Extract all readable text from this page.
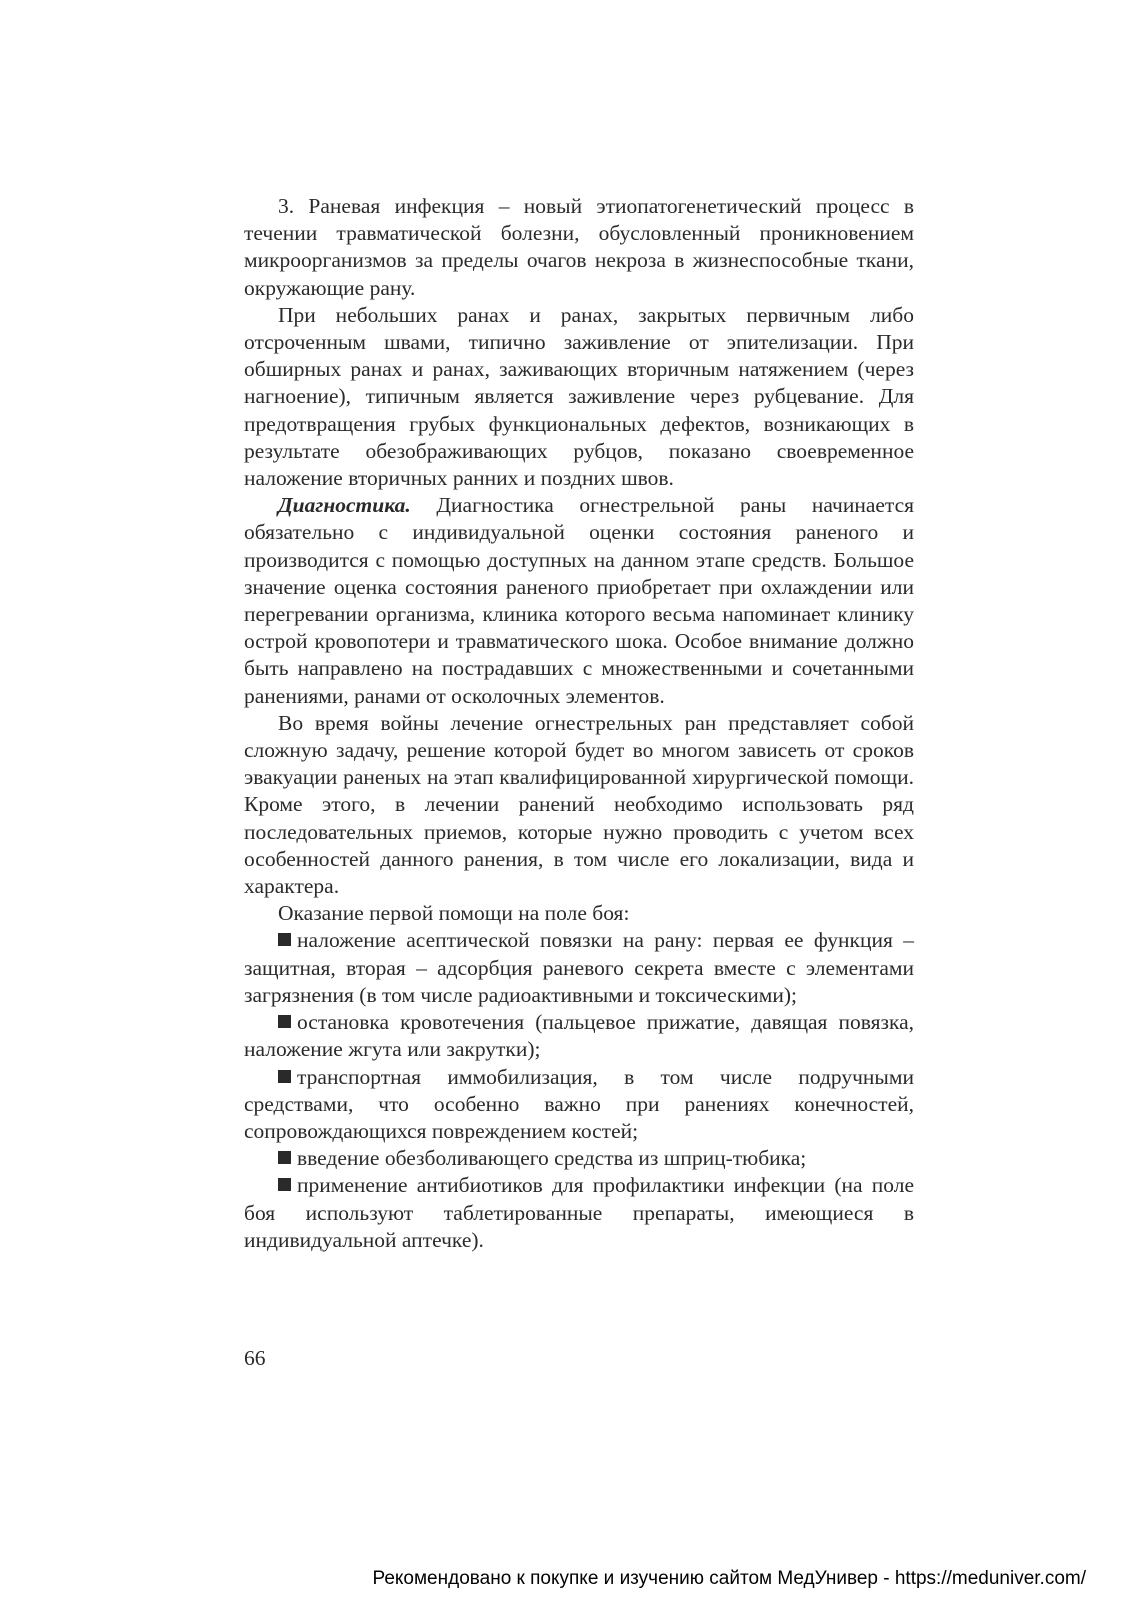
3. Раневая инфекция – новый этиопатогенетический процесс в течении травматической болезни, обусловленный проникновением микроорганизмов за пределы очагов некроза в жизнеспособные ткани, окружающие рану.

При небольших ранах и ранах, закрытых первичным либо отсроченным швами, типично заживление от эпителизации. При обширных ранах и ранах, заживающих вторичным натяжением (через нагноение), типичным является заживление через рубцевание. Для предотвращения грубых функциональных дефектов, возникающих в результате обезображивающих рубцов, показано своевременное наложение вторичных ранних и поздних швов.

Диагностика. Диагностика огнестрельной раны начинается обязательно с индивидуальной оценки состояния раненого и производится с помощью доступных на данном этапе средств. Большое значение оценка состояния раненого приобретает при охлаждении или перегревании организма, клиника которого весьма напоминает клинику острой кровопотери и травматического шока. Особое внимание должно быть направлено на пострадавших с множественными и сочетанными ранениями, ранами от осколочных элементов.

Во время войны лечение огнестрельных ран представляет собой сложную задачу, решение которой будет во многом зависеть от сроков эвакуации раненых на этап квалифицированной хирургической помощи. Кроме этого, в лечении ранений необходимо использовать ряд последовательных приемов, которые нужно проводить с учетом всех особенностей данного ранения, в том числе его локализации, вида и характера.

Оказание первой помощи на поле боя:

наложение асептической повязки на рану: первая ее функция – защитная, вторая – адсорбция раневого секрета вместе с элементами загрязнения (в том числе радиоактивными и токсическими);

остановка кровотечения (пальцевое прижатие, давящая повязка, наложение жгута или закрутки);

транспортная иммобилизация, в том числе подручными средствами, что особенно важно при ранениях конечностей, сопровождающихся повреждением костей;

введение обезболивающего средства из шприц-тюбика;

применение антибиотиков для профилактики инфекции (на поле боя используют таблетированные препараты, имеющиеся в индивидуальной аптечке).

66
Рекомендовано к покупке и изучению сайтом МедУнивер - https://meduniver.com/
